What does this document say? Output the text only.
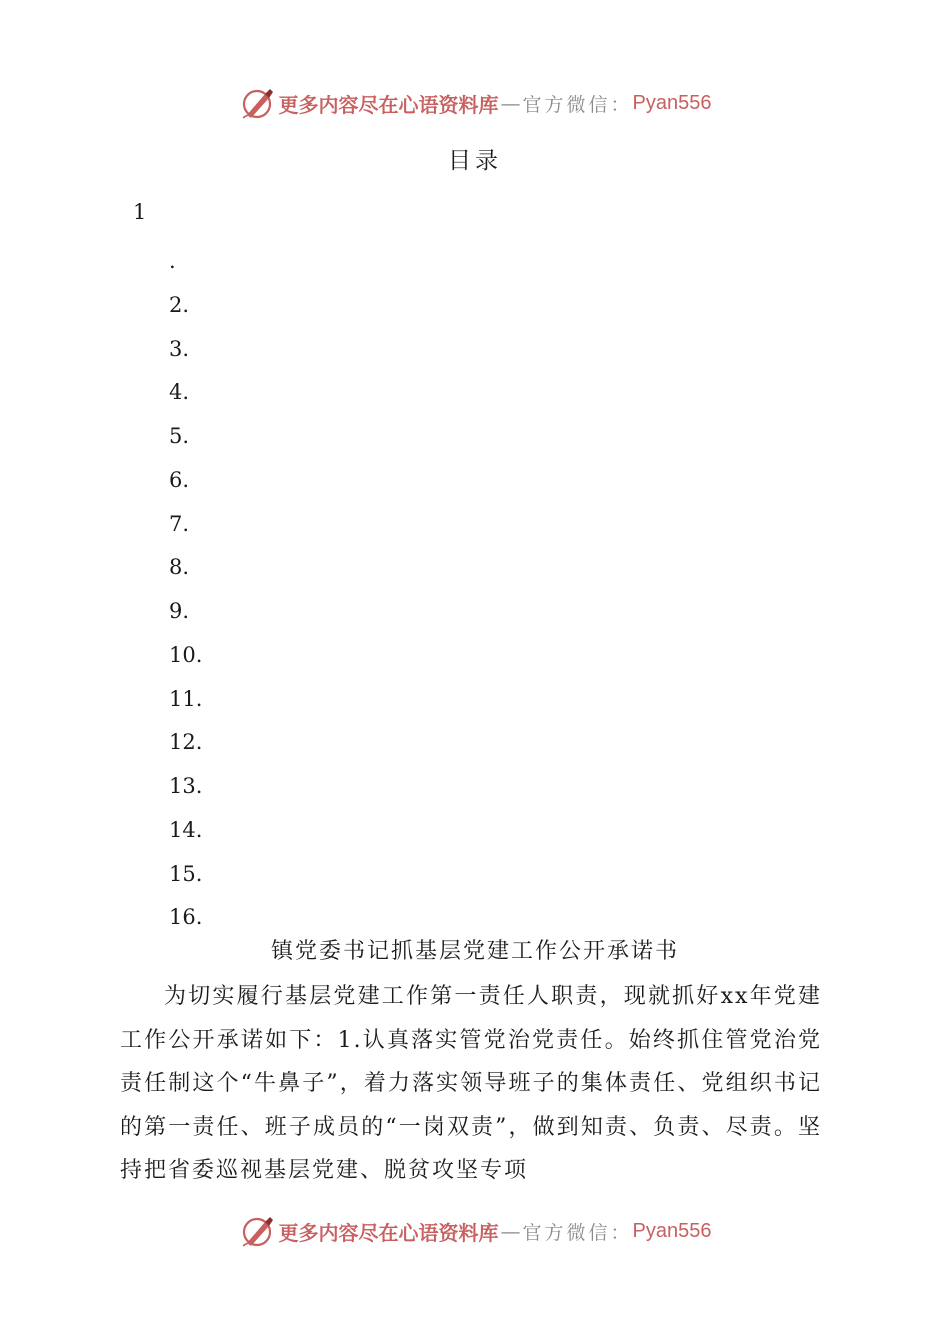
更多内容尽在心语资料库 — 官方微信： Pyan556
目录
1
.
2.
3.
4.
5.
6.
7.
8.
9.
10.
11.
12.
13.
14.
15.
16.
镇党委书记抓基层党建工作公开承诺书

为切实履行基层党建工作第一责任人职责，现就抓好xx年党建工作公开承诺如下：1.认真落实管党治党责任。始终抓住管党治党责任制这个“牛鼻子”，着力落实领导班子的集体责任、党组织书记的第一责任、班子成员的“一岗双责”，做到知责、负责、尽责。坚持把省委巡视基层党建、脱贫攻坚专项

更多内容尽在心语资料库 — 官方微信： Pyan556
